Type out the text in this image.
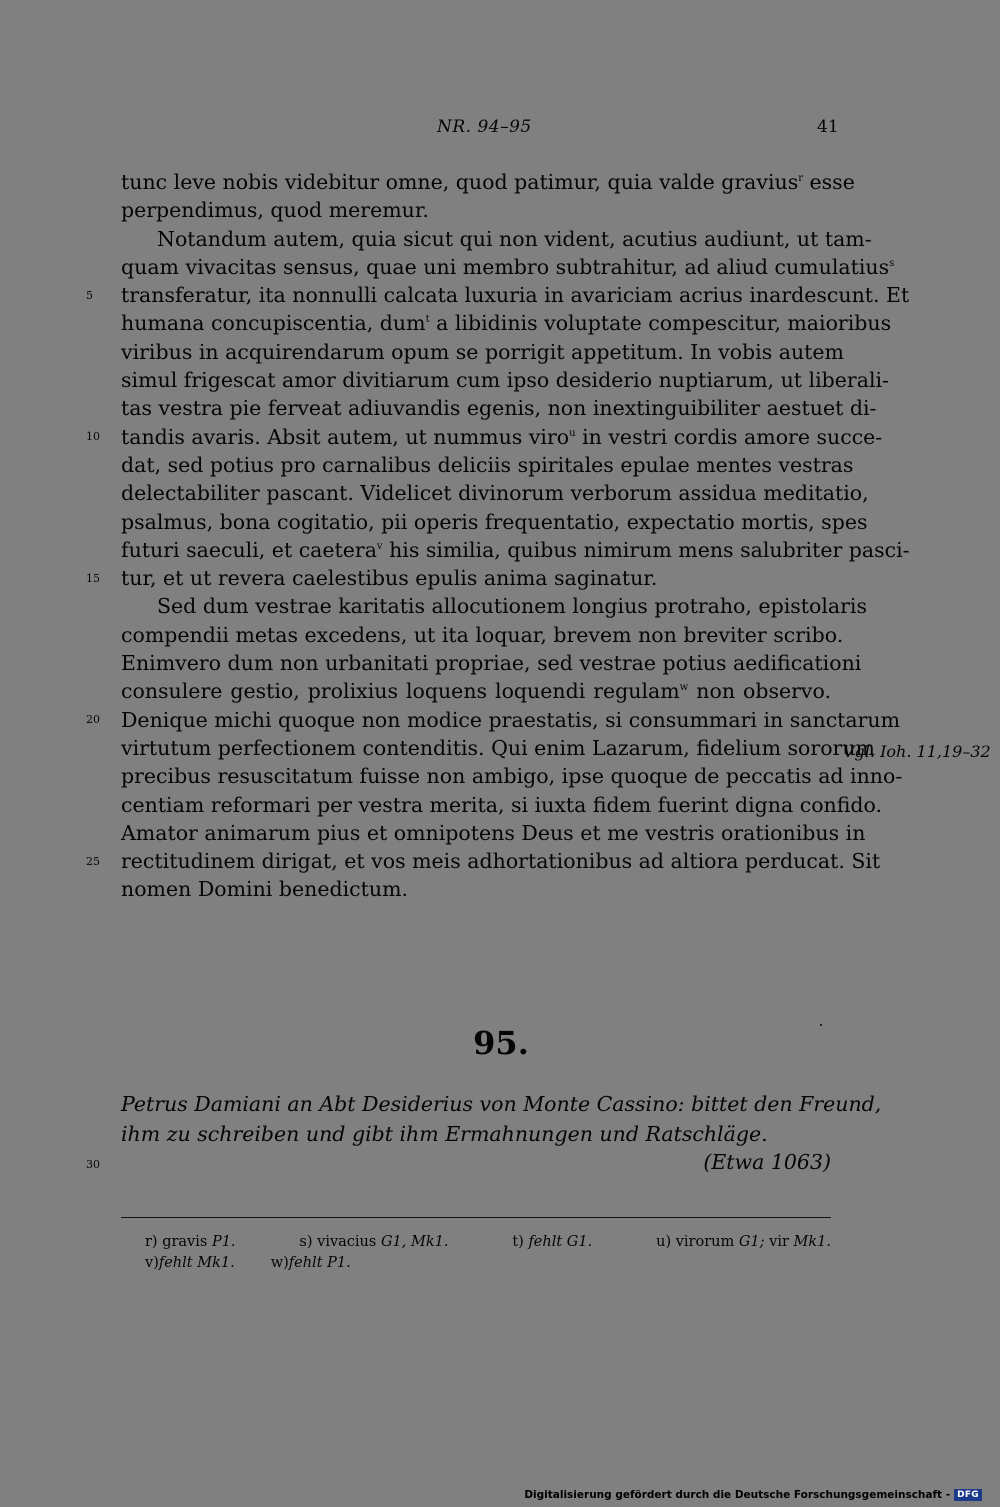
NR. 94–95	41
tunc leve nobis videbitur omne, quod patimur, quia valde gravius$^r$ esse
perpendimus, quod meremur.
Notandum autem, quia sicut qui non vident, acutius audiunt, ut tam-
quam vivacitas sensus, quae uni membro subtrahitur, ad aliud cumulatius$^s$
transferatur, ita nonnulli calcata luxuria in avariciam acrius inardescunt. Et
humana concupiscentia, dum$^t$ a libidinis voluptate compescitur, maioribus
viribus in acquirendarum opum se porrigit appetitum. In vobis autem
simul frigescat amor divitiarum cum ipso desiderio nuptiarum, ut liberali-
tas vestra pie ferveat adiuvandis egenis, non inextinguibiliter aestuet di-
tandis avaris. Absit autem, ut nummus viro$^u$ in vestri cordis amore succe-
dat, sed potius pro carnalibus deliciis spiritales epulae mentes vestras
delectabiliter pascant. Videlicet divinorum verborum assidua meditatio,
psalmus, bona cogitatio, pii operis frequentatio, expectatio mortis, spes
futuri saeculi, et caetera$^v$ his similia, quibus nimirum mens salubriter pasci-
tur, et ut revera caelestibus epulis anima saginatur.
Sed dum vestrae karitatis allocutionem longius protraho, epistolaris
compendii metas excedens, ut ita loquar, brevem non breviter scribo.
Enimvero dum non urbanitati propriae, sed vestrae potius aedificationi
consulere gestio, prolixius loquens loquendi regulam$^w$ non observo.
Denique michi quoque non modice praestatis, si consummari in sanctarum
virtutum perfectionem contenditis. Qui enim Lazarum, fidelium sororum
precibus resuscitatum fuisse non ambigo, ipse quoque de peccatis ad inno-
centiam reformari per vestra merita, si iuxta fidem fuerint digna confido.
Amator animarum pius et omnipotens Deus et me vestris orationibus in
rectitudinem dirigat, et vos meis adhortationibus ad altiora perducat. Sit
nomen Domini benedictum.
5
10
15
20
25
30
Vgl. Ioh. 11,19–32
95.
Petrus Damiani an Abt Desiderius von Monte Cassino: bittet den Freund,
ihm zu schreiben und gibt ihm Ermahnungen und Ratschläge.
(Etwa 1063)
r) gravis P1.	s) vivacius G1, Mk1.	t) fehlt G1.	u) virorum G1; vir Mk1.
v)fehlt Mk1. w)fehlt P1.
Digitalisierung gefördert durch die Deutsche Forschungsgemeinschaft - DFG
